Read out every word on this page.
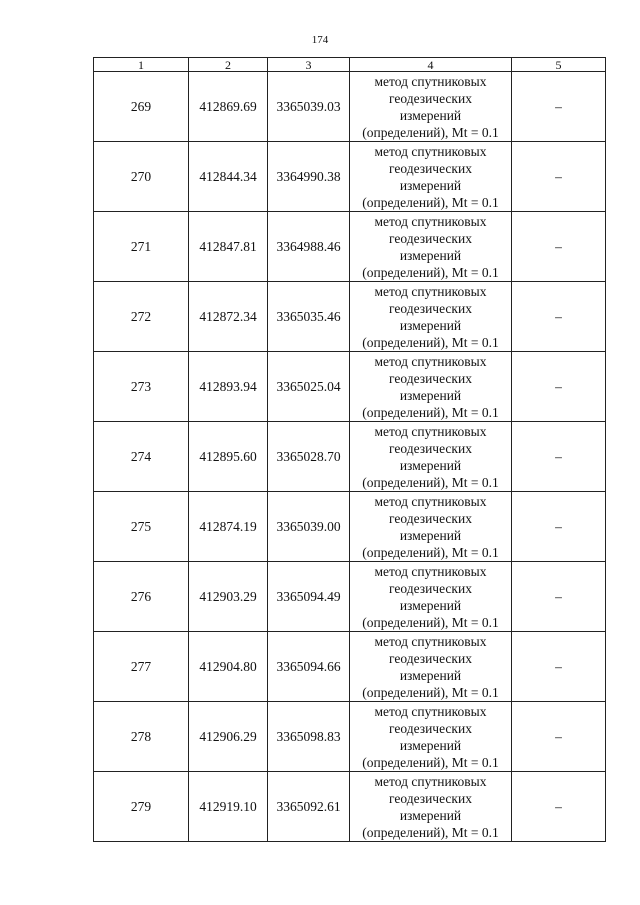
174
1	2	3	4	5
269	412869.69	3365039.03	метод спутниковых
геодезических
измерений
(определений), Mt = 0.1	–
270	412844.34	3364990.38	метод спутниковых
геодезических
измерений
(определений), Mt = 0.1	–
271	412847.81	3364988.46	метод спутниковых
геодезических
измерений
(определений), Mt = 0.1	–
272	412872.34	3365035.46	метод спутниковых
геодезических
измерений
(определений), Mt = 0.1	–
273	412893.94	3365025.04	метод спутниковых
геодезических
измерений
(определений), Mt = 0.1	–
274	412895.60	3365028.70	метод спутниковых
геодезических
измерений
(определений), Mt = 0.1	–
275	412874.19	3365039.00	метод спутниковых
геодезических
измерений
(определений), Mt = 0.1	–
276	412903.29	3365094.49	метод спутниковых
геодезических
измерений
(определений), Mt = 0.1	–
277	412904.80	3365094.66	метод спутниковых
геодезических
измерений
(определений), Mt = 0.1	–
278	412906.29	3365098.83	метод спутниковых
геодезических
измерений
(определений), Mt = 0.1	–
279	412919.10	3365092.61	метод спутниковых
геодезических
измерений
(определений), Mt = 0.1	–
